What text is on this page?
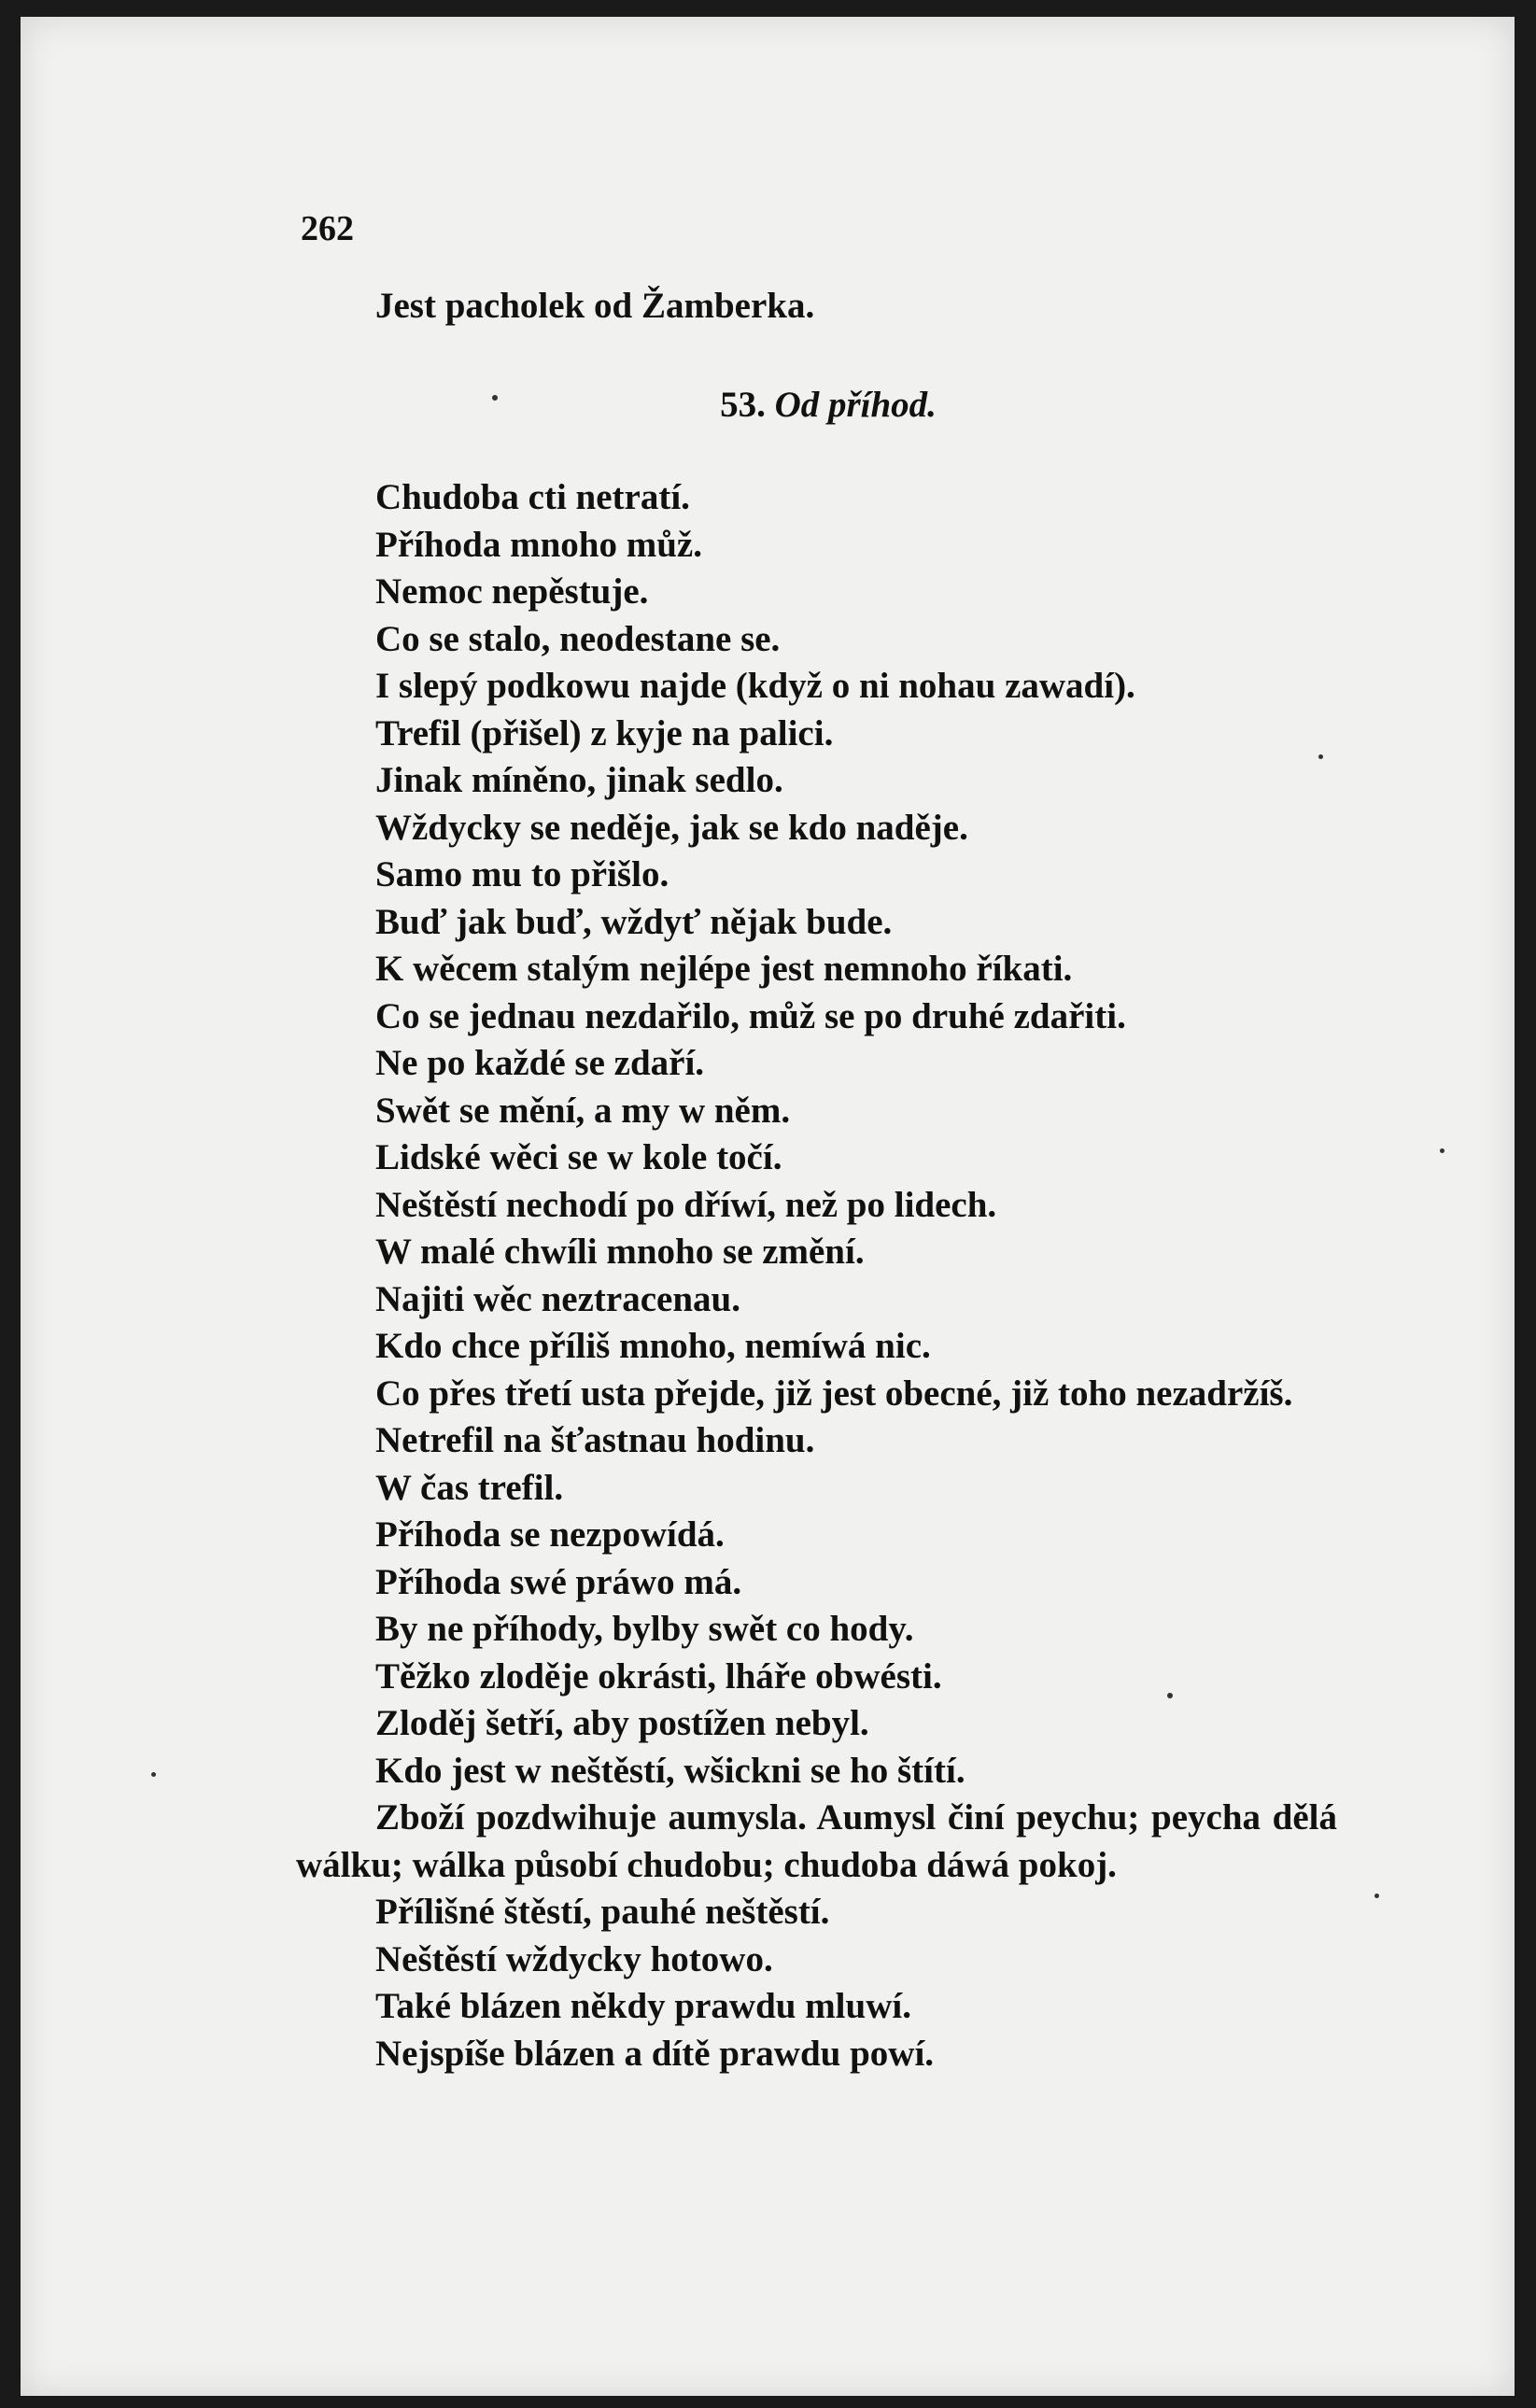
262
Jest pacholek od Žamberka.
53. Od příhod.
Chudoba cti netratí.
Příhoda mnoho můž.
Nemoc nepěstuje.
Co se stalo, neodestane se.
I slepý podkowu najde (když o ni nohau zawadí).
Trefil (přišel) z kyje na palici.
Jinak míněno, jinak sedlo.
Wždycky se neděje, jak se kdo naděje.
Samo mu to přišlo.
Buď jak buď, wždyť nějak bude.
K wěcem stalým nejlépe jest nemnoho říkati.
Co se jednau nezdařilo, můž se po druhé zdařiti.
Ne po každé se zdaří.
Swět se mění, a my w něm.
Lidské wěci se w kole točí.
Neštěstí nechodí po dříwí, než po lidech.
W malé chwíli mnoho se změní.
Najiti wěc neztracenau.
Kdo chce příliš mnoho, nemíwá nic.
Co přes třetí usta přejde, již jest obecné, již toho nezadržíš.
Netrefil na šťastnau hodinu.
W čas trefil.
Příhoda se nezpowídá.
Příhoda swé práwo má.
By ne příhody, bylby swět co hody.
Těžko zloděje okrásti, lháře obwésti.
Zloděj šetří, aby postížen nebyl.
Kdo jest w neštěstí, wšickni se ho štítí.
Zboží pozdwihuje aumysla. Aumysl činí peychu; peycha dělá wálku; wálka působí chudobu; chudoba dáwá pokoj.
Přílišné štěstí, pauhé neštěstí.
Neštěstí wždycky hotowo.
Také blázen někdy prawdu mluwí.
Nejspíše blázen a dítě prawdu powí.
